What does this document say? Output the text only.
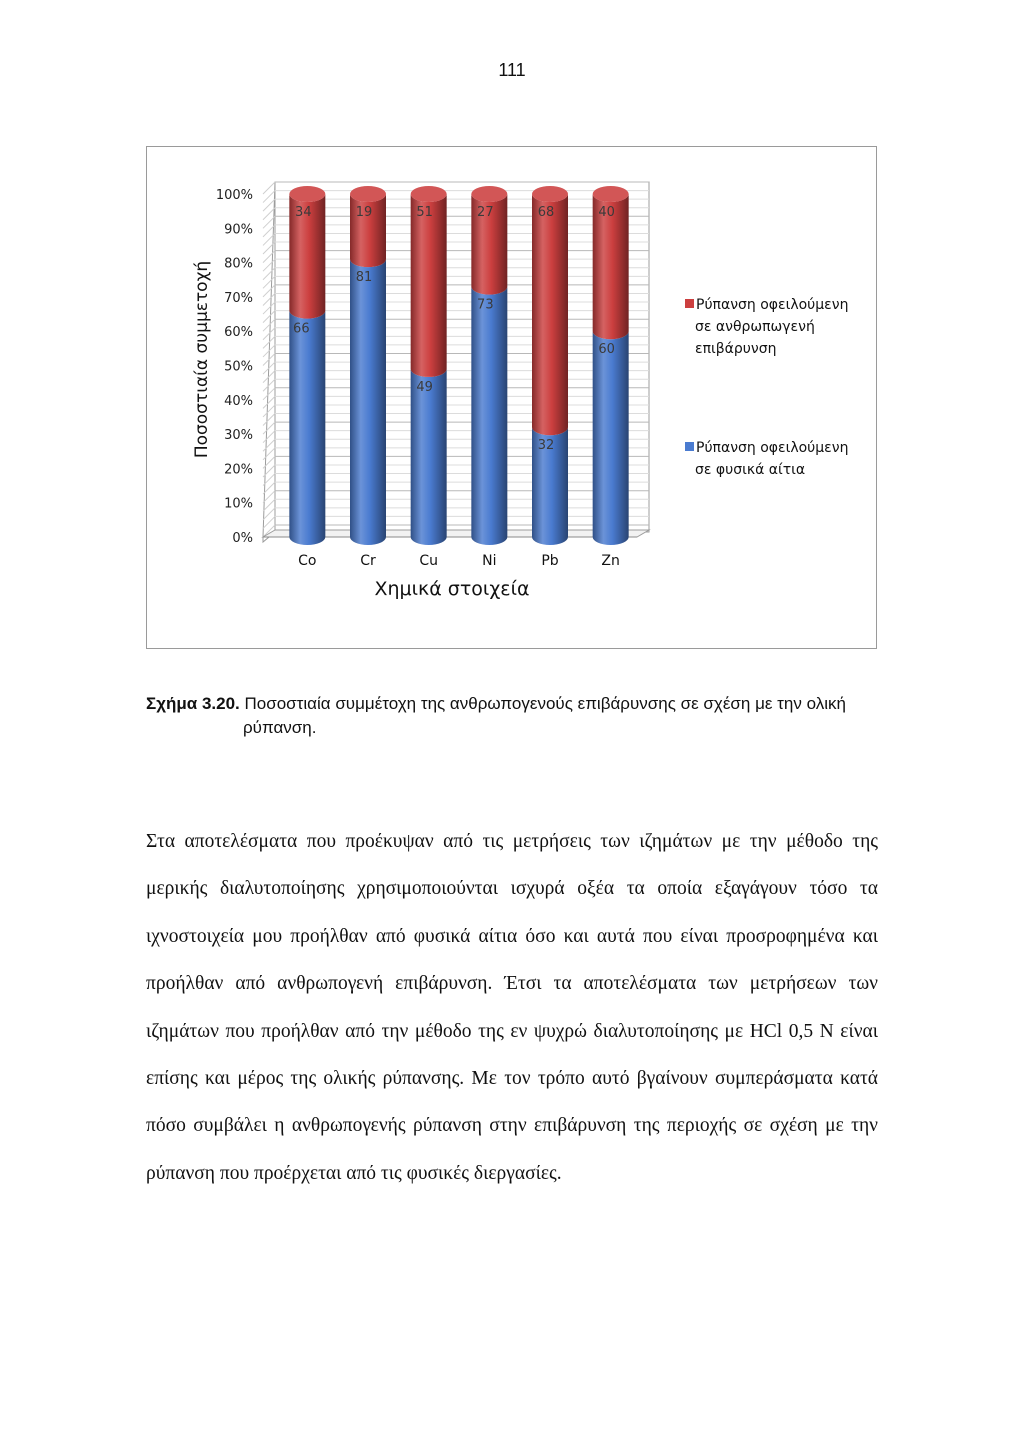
111
0%
10%
20%
30%
40%
50%
60%
70%
80%
90%
100%
Ποσοστιαία συμμετοχή	66
34
Co
81
19
Cr
49
51
Cu
73
27
Ni
32
68
Pb
60
40
Zn
Χημικά στοιχεία
Ρύπανση οφειλούμενη
σε ανθρωπωγενή
επιβάρυνση
Ρύπανση οφειλούμενη
σε φυσικά αίτια
Σχήμα 3.20. Ποσοστιαία συμμέτοχη της ανθρωπογενούς επιβάρυνσης σε σχέση με την ολική
ρύπανση.

Στα αποτελέσματα που προέκυψαν από τις μετρήσεις των ιζημάτων με την μέθοδο της μερικής διαλυτοποίησης χρησιμοποιούνται ισχυρά οξέα τα οποία εξαγάγουν τόσο τα ιχνοστοιχεία μου προήλθαν από φυσικά αίτια όσο και αυτά που είναι προσροφημένα και προήλθαν από ανθρωπογενή επιβάρυνση. Έτσι τα αποτελέσματα των μετρήσεων των ιζημάτων που προήλθαν από την μέθοδο της εν ψυχρώ διαλυτοποίησης με HCl 0,5 N είναι επίσης και μέρος της ολικής ρύπανσης. Με τον τρόπο αυτό βγαίνουν συμπεράσματα κατά πόσο συμβάλει η ανθρωπογενής ρύπανση στην επιβάρυνση της περιοχής σε σχέση με την ρύπανση που προέρχεται από τις φυσικές διεργασίες.
